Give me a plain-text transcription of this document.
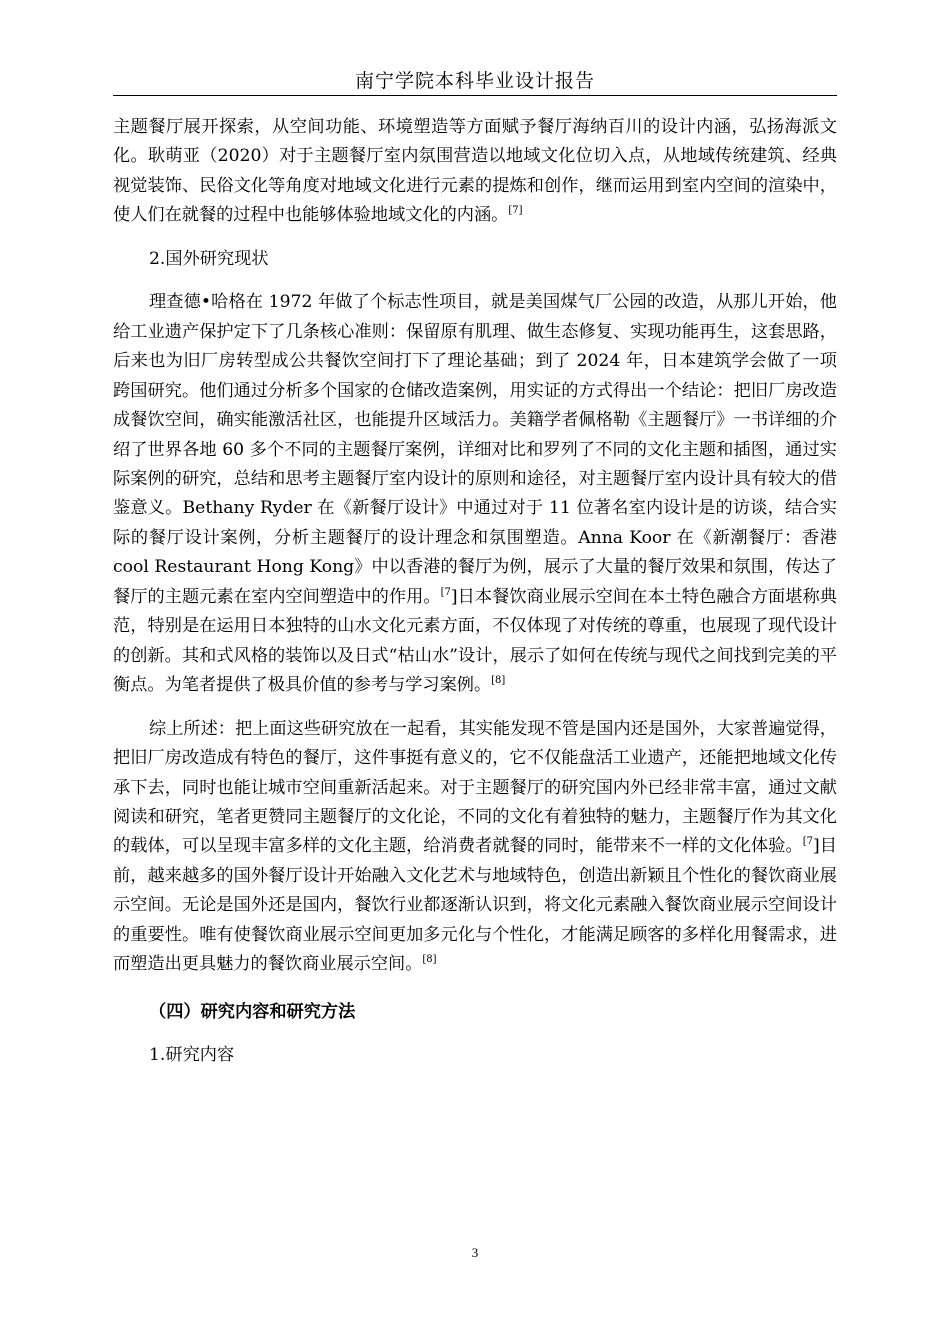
南宁学院本科毕业设计报告

主题餐厅展开探索，从空间功能、环境塑造等方面赋予餐厅海纳百川的设计内涵，弘扬海派文化。耿萌亚（2020）对于主题餐厅室内氛围营造以地域文化位切入点，从地域传统建筑、经典视觉装饰、民俗文化等角度对地域文化进行元素的提炼和创作，继而运用到室内空间的渲染中，使人们在就餐的过程中也能够体验地域文化的内涵。[7]

2.国外研究现状

理查德•哈格在 1972 年做了个标志性项目，就是美国煤气厂公园的改造，从那儿开始，他给工业遗产保护定下了几条核心准则：保留原有肌理、做生态修复、实现功能再生，这套思路，后来也为旧厂房转型成公共餐饮空间打下了理论基础；到了 2024 年，日本建筑学会做了一项跨国研究。他们通过分析多个国家的仓储改造案例，用实证的方式得出一个结论：把旧厂房改造成餐饮空间，确实能激活社区，也能提升区域活力。美籍学者佩格勒《主题餐厅》一书详细的介绍了世界各地 60 多个不同的主题餐厅案例，详细对比和罗列了不同的文化主题和插图，通过实际案例的研究，总结和思考主题餐厅室内设计的原则和途径，对主题餐厅室内设计具有较大的借鉴意义。Bethany Ryder 在《新餐厅设计》中通过对于 11 位著名室内设计是的访谈，结合实际的餐厅设计案例，分析主题餐厅的设计理念和氛围塑造。Anna Koor 在《新潮餐厅：香港 cool Restaurant Hong Kong》中以香港的餐厅为例，展示了大量的餐厅效果和氛围，传达了餐厅的主题元素在室内空间塑造中的作用。$^{[7}$]日本餐饮商业展示空间在本土特色融合方面堪称典范，特别是在运用日本独特的山水文化元素方面，不仅体现了对传统的尊重，也展现了现代设计的创新。其和式风格的装饰以及日式“枯山水”设计，展示了如何在传统与现代之间找到完美的平衡点。为笔者提供了极具价值的参考与学习案例。[8]

综上所述：把上面这些研究放在一起看，其实能发现不管是国内还是国外，大家普遍觉得，把旧厂房改造成有特色的餐厅，这件事挺有意义的，它不仅能盘活工业遗产，还能把地域文化传承下去，同时也能让城市空间重新活起来。对于主题餐厅的研究国内外已经非常丰富，通过文献阅读和研究，笔者更赞同主题餐厅的文化论，不同的文化有着独特的魅力，主题餐厅作为其文化的载体，可以呈现丰富多样的文化主题，给消费者就餐的同时，能带来不一样的文化体验。$^{[7}$]目前，越来越多的国外餐厅设计开始融入文化艺术与地域特色，创造出新颖且个性化的餐饮商业展示空间。无论是国外还是国内，餐饮行业都逐渐认识到，将文化元素融入餐饮商业展示空间设计的重要性。唯有使餐饮商业展示空间更加多元化与个性化，才能满足顾客的多样化用餐需求，进而塑造出更具魅力的餐饮商业展示空间。[8]

（四）研究内容和研究方法

1.研究内容

3
